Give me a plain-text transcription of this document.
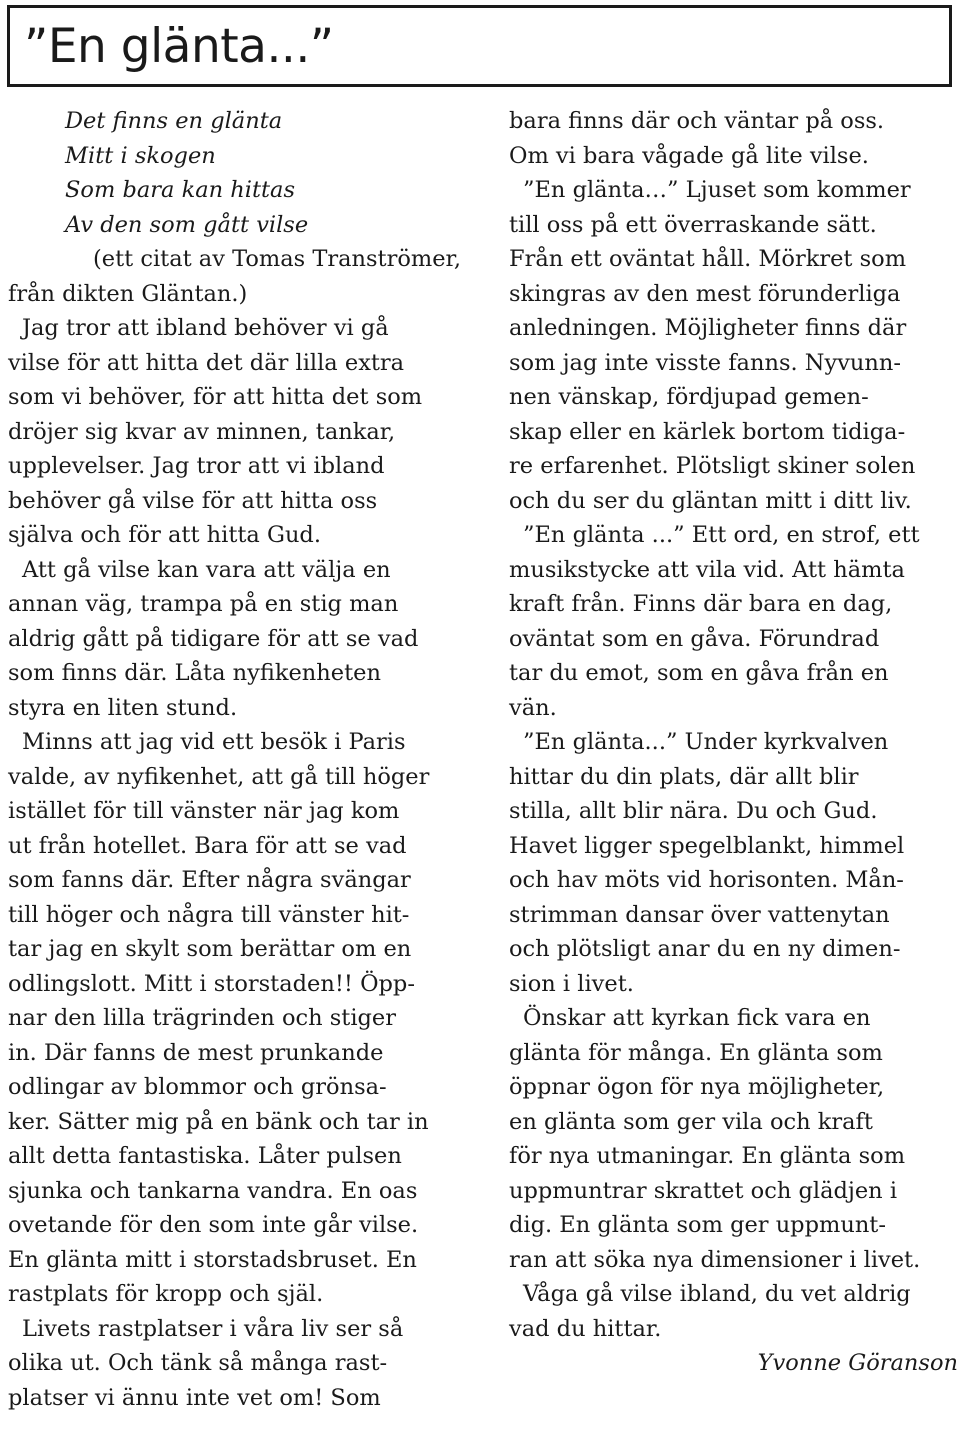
”En glänta...”
Det finns en glänta
Mitt i skogen
Som bara kan hittas
Av den som gått vilse
(ett citat av Tomas Tranströmer,
från dikten Gläntan.)
Jag tror att ibland behöver vi gå
vilse för att hitta det där lilla extra
som vi behöver, för att hitta det som
dröjer sig kvar av minnen, tankar,
upplevelser. Jag tror att vi ibland
behöver gå vilse för att hitta oss
själva och för att hitta Gud.
Att gå vilse kan vara att välja en
annan väg, trampa på en stig man
aldrig gått på tidigare för att se vad
som finns där. Låta nyfikenheten
styra en liten stund.
Minns att jag vid ett besök i Paris
valde, av nyfikenhet, att gå till höger
istället för till vänster när jag kom
ut från hotellet. Bara för att se vad
som fanns där. Efter några svängar
till höger och några till vänster hit-
tar jag en skylt som berättar om en
odlingslott. Mitt i storstaden!! Öpp-
nar den lilla trägrinden och stiger
in. Där fanns de mest prunkande
odlingar av blommor och grönsa-
ker. Sätter mig på en bänk och tar in
allt detta fantastiska. Låter pulsen
sjunka och tankarna vandra. En oas
ovetande för den som inte går vilse.
En glänta mitt i storstadsbruset. En
rastplats för kropp och själ.
Livets rastplatser i våra liv ser så
olika ut. Och tänk så många rast-
platser vi ännu inte vet om! Som
bara finns där och väntar på oss.
Om vi bara vågade gå lite vilse.
”En glänta…” Ljuset som kommer
till oss på ett överraskande sätt.
Från ett oväntat håll. Mörkret som
skingras av den mest förunderliga
anledningen. Möjligheter finns där
som jag inte visste fanns. Nyvunn-
nen vänskap, fördjupad gemen-
skap eller en kärlek bortom tidiga-
re erfarenhet. Plötsligt skiner solen
och du ser du gläntan mitt i ditt liv.
”En glänta ...” Ett ord, en strof, ett
musikstycke att vila vid. Att hämta
kraft från. Finns där bara en dag,
oväntat som en gåva. Förundrad
tar du emot, som en gåva från en
vän.
”En glänta...” Under kyrkvalven
hittar du din plats, där allt blir
stilla, allt blir nära. Du och Gud.
Havet ligger spegelblankt, himmel
och hav möts vid horisonten. Mån-
strimman dansar över vattenytan
och plötsligt anar du en ny dimen-
sion i livet.
Önskar att kyrkan fick vara en
glänta för många. En glänta som
öppnar ögon för nya möjligheter,
en glänta som ger vila och kraft
för nya utmaningar. En glänta som
uppmuntrar skrattet och glädjen i
dig. En glänta som ger uppmunt-
ran att söka nya dimensioner i livet.
Våga gå vilse ibland, du vet aldrig
vad du hittar.
Yvonne Göranson
